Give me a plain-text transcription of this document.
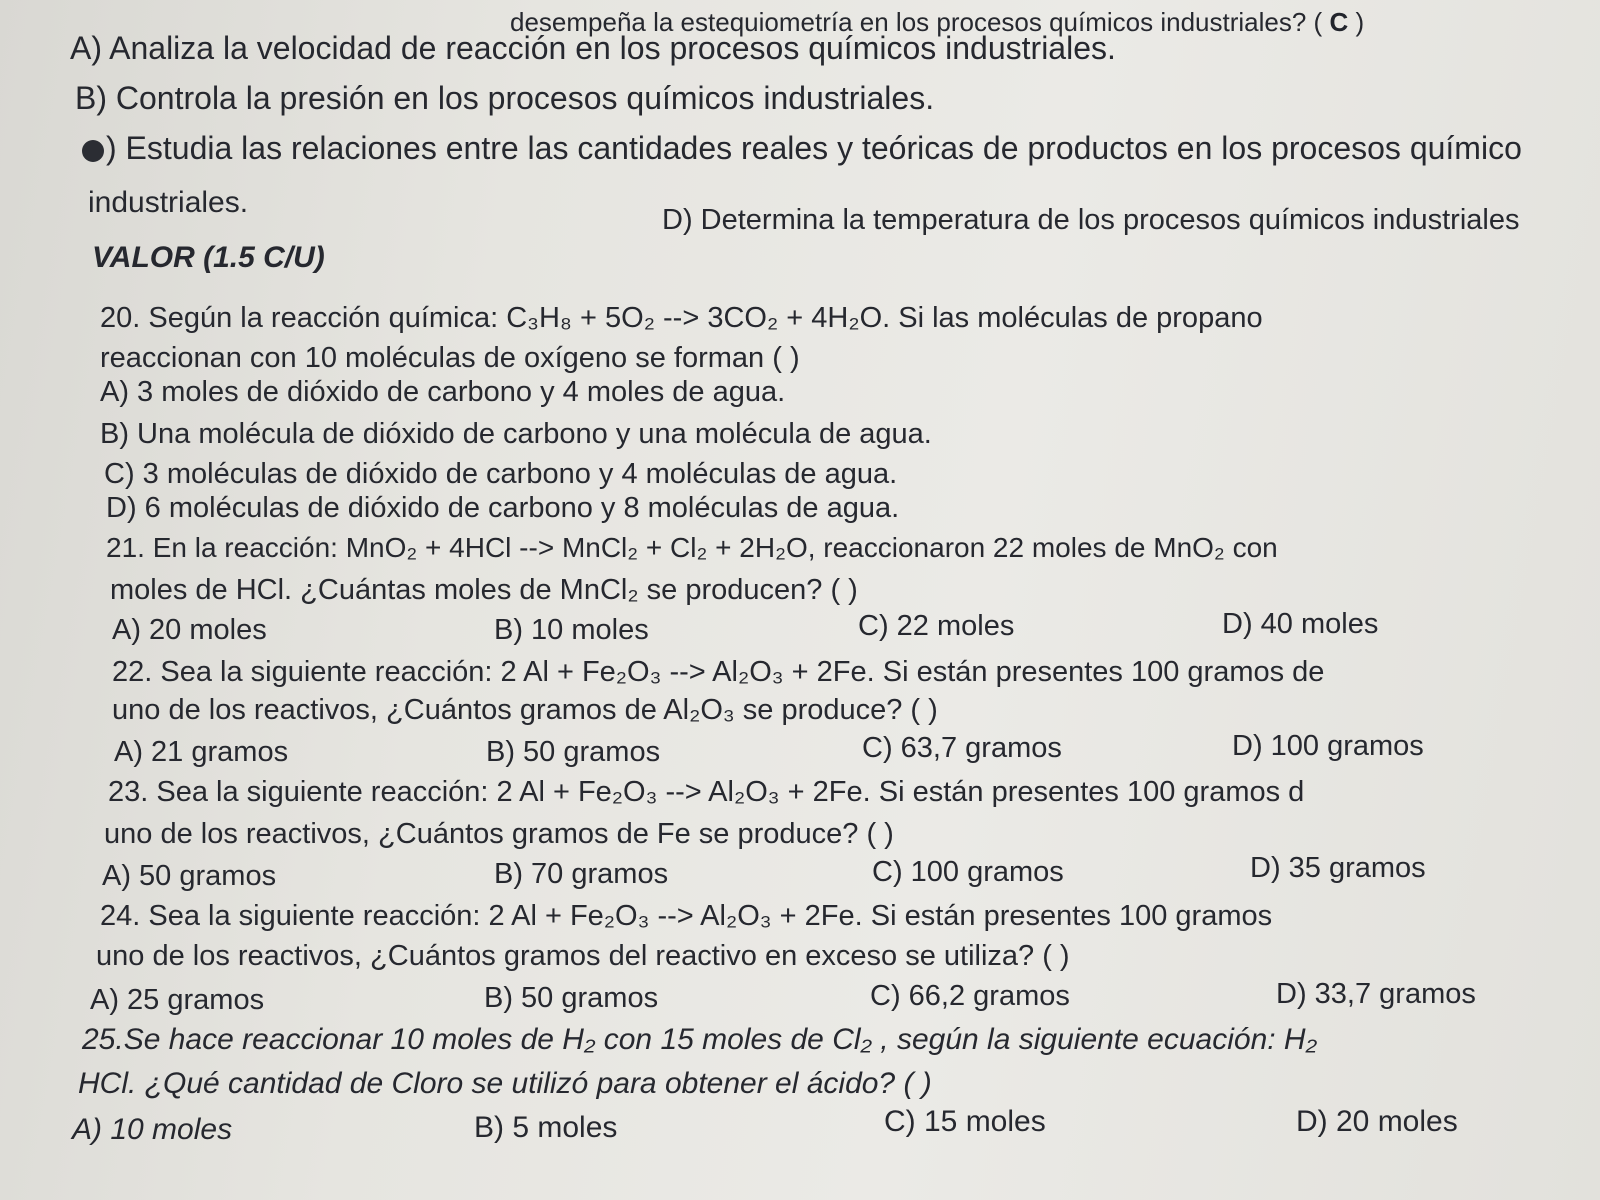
desempeña la estequiometría en los procesos químicos industriales? ( C )
A) Analiza la velocidad de reacción en los procesos químicos industriales.
B) Controla la presión en los procesos químicos industriales.
) Estudia las relaciones entre las cantidades reales y teóricas de productos en los procesos químico
industriales.
D) Determina la temperatura de los procesos químicos industriales
VALOR (1.5 C/U)
20. Según la reacción química: C₃H₈ + 5O₂ --> 3CO₂ + 4H₂O. Si las moléculas de propano
reaccionan con 10 moléculas de oxígeno se forman ( )
A) 3 moles de dióxido de carbono y 4 moles de agua.
B) Una molécula de dióxido de carbono y una molécula de agua.
C) 3 moléculas de dióxido de carbono y 4 moléculas de agua.
D) 6 moléculas de dióxido de carbono y 8 moléculas de agua.
21. En la reacción: MnO₂ + 4HCl --> MnCl₂ + Cl₂ + 2H₂O, reaccionaron 22 moles de MnO₂ con
moles de HCl. ¿Cuántas moles de MnCl₂ se producen? ( )
A) 20 moles	B) 10 moles	C) 22 moles	D) 40 moles
22. Sea la siguiente reacción: 2 Al + Fe₂O₃ --> Al₂O₃ + 2Fe. Si están presentes 100 gramos de
uno de los reactivos, ¿Cuántos gramos de Al₂O₃ se produce? ( )
A) 21 gramos	B) 50 gramos	C) 63,7 gramos	D) 100 gramos
23. Sea la siguiente reacción: 2 Al + Fe₂O₃ --> Al₂O₃ + 2Fe. Si están presentes 100 gramos d
uno de los reactivos, ¿Cuántos gramos de Fe se produce? ( )
A) 50 gramos	B) 70 gramos	C) 100 gramos	D) 35 gramos
24. Sea la siguiente reacción: 2 Al + Fe₂O₃ --> Al₂O₃ + 2Fe. Si están presentes 100 gramos
uno de los reactivos, ¿Cuántos gramos del reactivo en exceso se utiliza? ( )
A) 25 gramos	B) 50 gramos	C) 66,2 gramos	D) 33,7 gramos
25.Se hace reaccionar 10 moles de H₂ con 15 moles de Cl₂ , según la siguiente ecuación: H₂
HCl. ¿Qué cantidad de Cloro se utilizó para obtener el ácido? ( )
A) 10 moles	B) 5 moles	C) 15 moles	D) 20 moles
